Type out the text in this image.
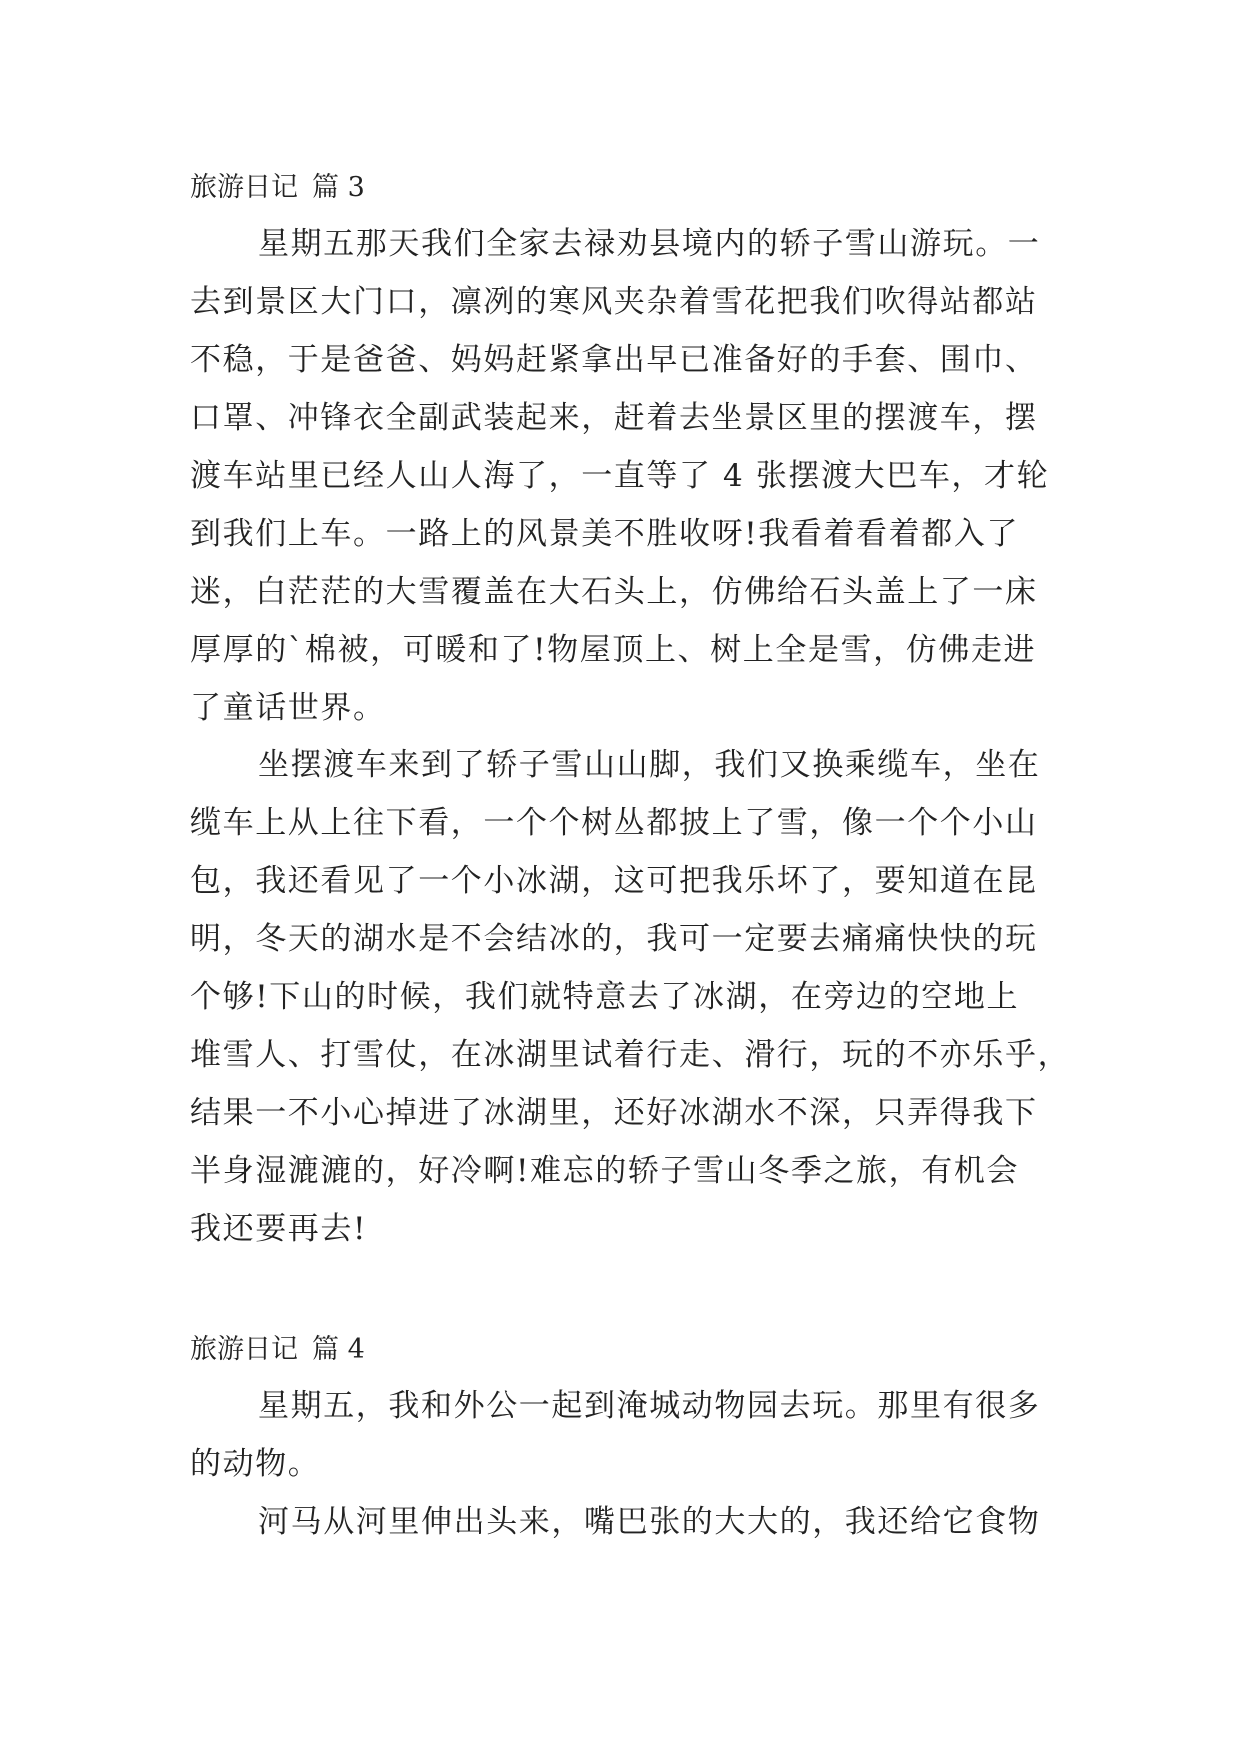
旅游日记 篇 3
星期五那天我们全家去禄劝县境内的轿子雪山游玩。一
去到景区大门口，凛冽的寒风夹杂着雪花把我们吹得站都站
不稳，于是爸爸、妈妈赶紧拿出早已准备好的手套、围巾、
口罩、冲锋衣全副武装起来，赶着去坐景区里的摆渡车，摆
渡车站里已经人山人海了，一直等了 4 张摆渡大巴车，才轮
到我们上车。一路上的风景美不胜收呀!我看着看着都入了
迷，白茫茫的大雪覆盖在大石头上，仿佛给石头盖上了一床
厚厚的`棉被，可暖和了!物屋顶上、树上全是雪，仿佛走进
了童话世界。
坐摆渡车来到了轿子雪山山脚，我们又换乘缆车，坐在
缆车上从上往下看，一个个树丛都披上了雪，像一个个小山
包，我还看见了一个小冰湖，这可把我乐坏了，要知道在昆
明，冬天的湖水是不会结冰的，我可一定要去痛痛快快的玩
个够!下山的时候，我们就特意去了冰湖，在旁边的空地上
堆雪人、打雪仗，在冰湖里试着行走、滑行，玩的不亦乐乎，
结果一不小心掉进了冰湖里，还好冰湖水不深，只弄得我下
半身湿漉漉的，好冷啊!难忘的轿子雪山冬季之旅，有机会
我还要再去!
旅游日记 篇 4
星期五，我和外公一起到淹城动物园去玩。那里有很多
的动物。
河马从河里伸出头来，嘴巴张的大大的，我还给它食物
